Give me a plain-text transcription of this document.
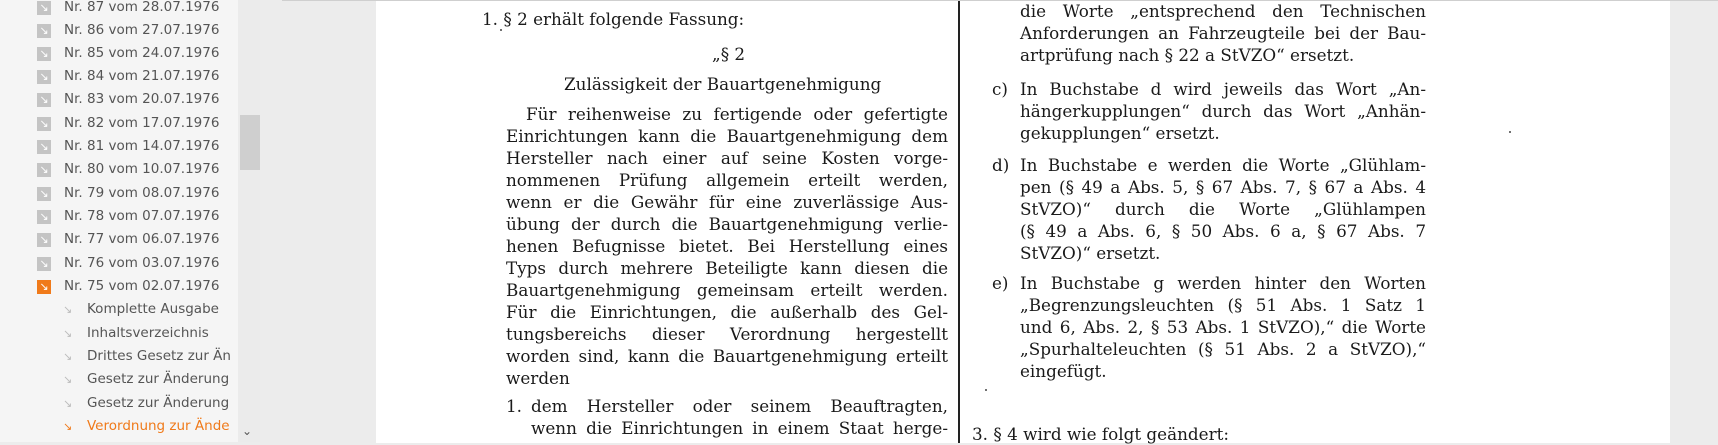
↘ Nr. 87 vom 28.07.1976
↘ Nr. 86 vom 27.07.1976
↘ Nr. 85 vom 24.07.1976
↘ Nr. 84 vom 21.07.1976
↘ Nr. 83 vom 20.07.1976
↘ Nr. 82 vom 17.07.1976
↘ Nr. 81 vom 14.07.1976
↘ Nr. 80 vom 10.07.1976
↘ Nr. 79 vom 08.07.1976
↘ Nr. 78 vom 07.07.1976
↘ Nr. 77 vom 06.07.1976
↘ Nr. 76 vom 03.07.1976
↘ Nr. 75 vom 02.07.1976
↘ Komplette Ausgabe
↘ Inhaltsverzeichnis
↘ Drittes Gesetz zur Än
↘ Gesetz zur Änderung
↘ Gesetz zur Änderung
↘ Verordnung zur Ände	⌄
1. § 2 erhält folgende Fassung:
„§ 2
Zulässigkeit der Bauartgenehmigung
Für reihenweise zu fertigende oder gefertigte
Einrichtungen kann die Bauartgenehmigung dem
Hersteller nach einer auf seine Kosten vorge-
nommenen Prüfung allgemein erteilt werden,
wenn er die Gewähr für eine zuverlässige Aus-
übung der durch die Bauartgenehmigung verlie-
henen Befugnisse bietet. Bei Herstellung eines
Typs durch mehrere Beteiligte kann diesen die
Bauartgenehmigung gemeinsam erteilt werden.
Für die Einrichtungen, die außerhalb des Gel-
tungsbereichs dieser Verordnung hergestellt
worden sind, kann die Bauartgenehmigung erteilt
werden
1. dem Hersteller oder seinem Beauftragten,
wenn die Einrichtungen in einem Staat herge-
die Worte „entsprechend den Technischen
Anforderungen an Fahrzeugteile bei der Bau-
artprüfung nach § 22 a StVZO“ ersetzt.
c) In Buchstabe d wird jeweils das Wort „An-
hängerkupplungen“ durch das Wort „Anhän-
gekupplungen“ ersetzt.
d) In Buchstabe e werden die Worte „Glühlam-
pen (§ 49 a Abs. 5, § 67 Abs. 7, § 67 a Abs. 4
StVZO)“ durch die Worte „Glühlampen
(§ 49 a Abs. 6, § 50 Abs. 6 a, § 67 Abs. 7
StVZO)“ ersetzt.
e) In Buchstabe g werden hinter den Worten
„Begrenzungsleuchten (§ 51 Abs. 1 Satz 1
und 6, Abs. 2, § 53 Abs. 1 StVZO),“ die Worte
„Spurhalteleuchten (§ 51 Abs. 2 a StVZO),“
eingefügt.
3. § 4 wird wie folgt geändert:
